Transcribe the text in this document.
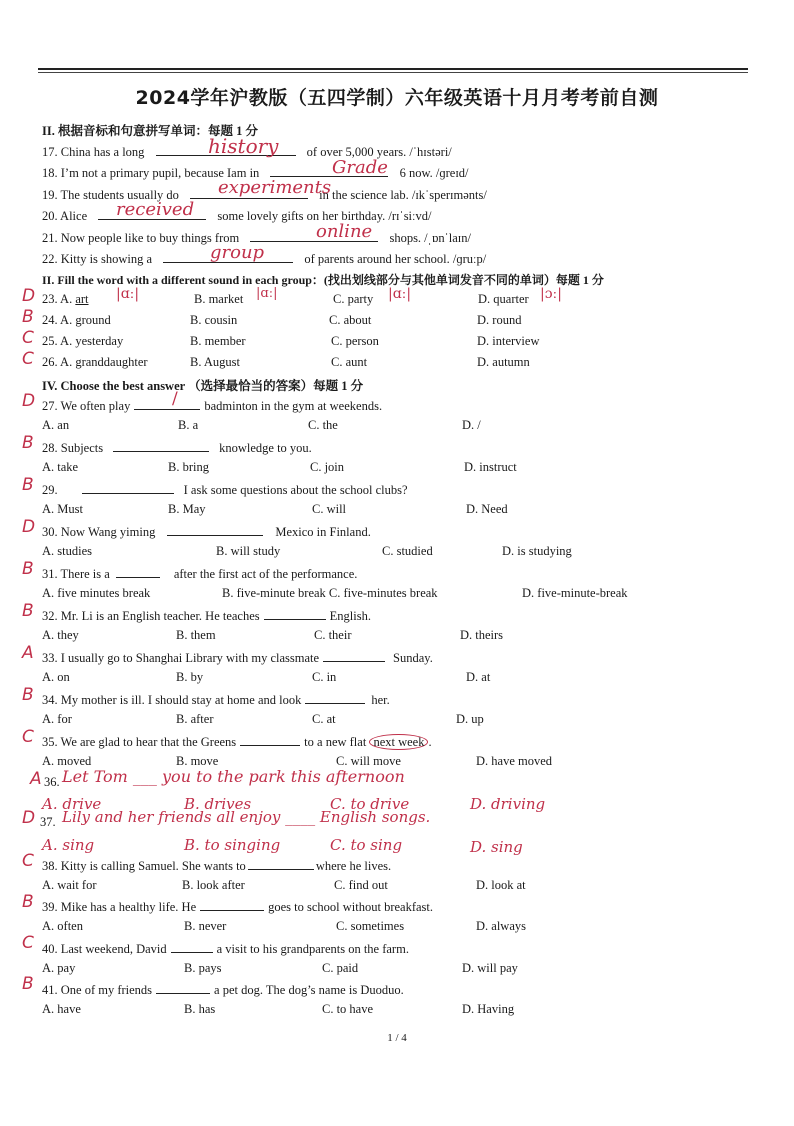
2024学年沪教版（五四学制）六年级英语十月月考考前自测
II. 根据音标和句意拼写单词：每题 1 分
17. China has a long	of over 5,000 years. /ˈhɪstəri/
history
18. I’m not a primary pupil, because Iam in	6 now. /ɡreɪd/
Grade
19. The students usually do	in the science lab. /ɪkˈsperɪmənts/
experiments
20. Alice	some lovely gifts on her birthday. /rɪˈsiːvd/
received
21. Now people like to buy things from	shops. /ˌɒnˈlaɪn/
online
22. Kitty is showing a	of parents around her school. /ɡruːp/
group
II. Fill the word with a different sound in each group：(找出划线部分与其他单词发音不同的单词）每题 1 分
D 23. A. art |ɑː|	B. market |ɑː|	C. party |ɑː|	D. quarter |ɔː|
B 24. A. ground	B. cousin	C. about	D. round
C 25. A. yesterday	B. member	C. person	D. interview
C 26. A. granddaughter	B. August	C. aunt	D. autumn
IV. Choose the best answer （选择最恰当的答案）每题 1 分
D 27. We often play	badminton in the gym at weekends.
/
A. an	B. a	C. the	D. /
B 28. Subjects	knowledge to you.
A. take	B. bring	C. join	D. instruct
B 29.	I ask some questions about the school clubs?
A. Must	B. May	C. will	D. Need
D 30. Now Wang yiming	Mexico in Finland.
A. studies	B. will study	C. studied	D. is studying
B 31. There is a	after the first act of the performance.
A. five minutes break	B. five-minute break C. five-minutes break	D. five-minute-break
B 32. Mr. Li is an English teacher. He teaches	English.
A. they	B. them	C. their	D. theirs
A 33. I usually go to Shanghai Library with my classmate	Sunday.
A. on	B. by	C. in	D. at
B 34. My mother is ill. I should stay at home and look	her.
A. for	B. after	C. at	D. up
C 35. We are glad to hear that the Greens	to a new flat next week .
A. moved	B. move	C. will move	D. have moved
A 36. Let Tom ___ you to the park this afternoon
A. drive	B. drives	C. to drive	D. driving
D 37. Lily and her friends all enjoy ____ English songs.
A. sing	B. to singing	C. to sing	D. sing
C 38. Kitty is calling Samuel. She wants to	where he lives.
A. wait for	B. look after	C. find out	D. look at
B 39. Mike has a healthy life. He	goes to school without breakfast.
A. often	B. never	C. sometimes	D. always
C 40. Last weekend, David	a visit to his grandparents on the farm.
A. pay	B. pays	C. paid	D. will pay
B 41. One of my friends	a pet dog. The dog’s name is Duoduo.
A. have	B. has	C. to have	D. Having
1 / 4
